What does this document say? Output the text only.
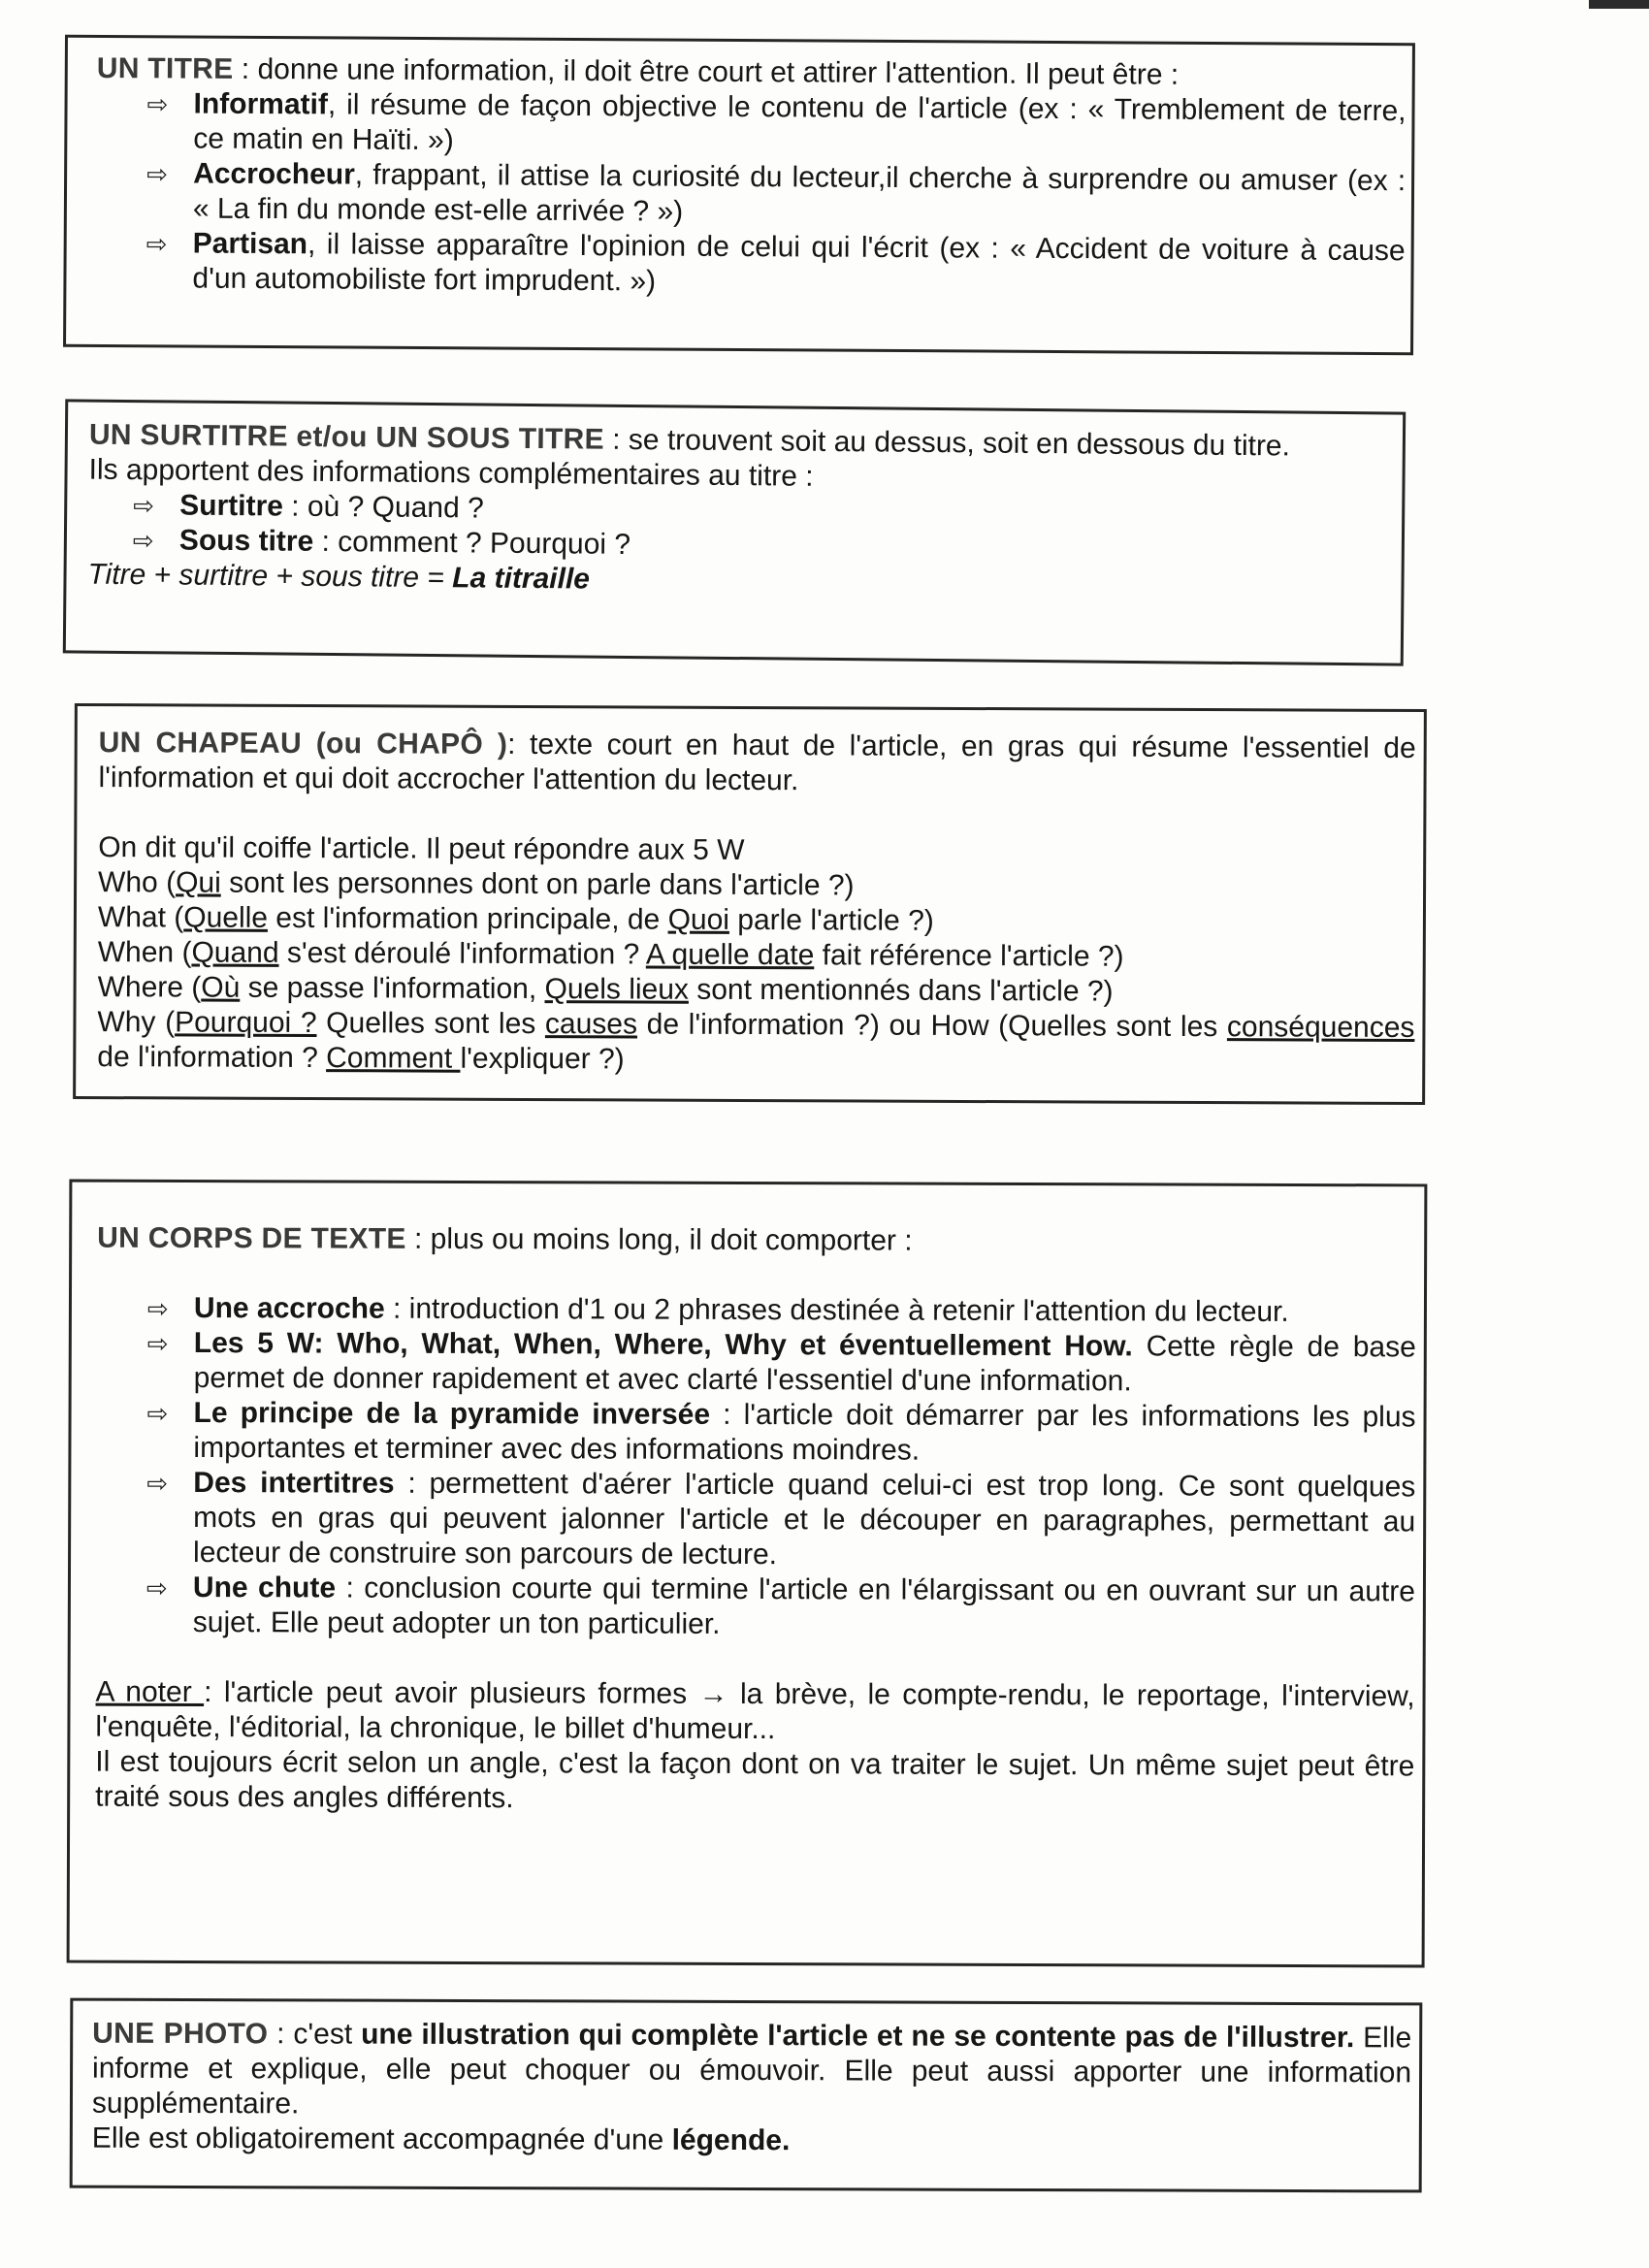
UN TITRE : donne une information, il doit être court et attirer l'attention. Il peut être :

⇨ Informatif, il résume de façon objective le contenu de l'article (ex : « Tremblement de terre, ce matin en Haïti. »)

⇨ Accrocheur, frappant, il attise la curiosité du lecteur,il cherche à surprendre ou amuser (ex : « La fin du monde est-elle arrivée ? »)

⇨ Partisan, il laisse apparaître l'opinion de celui qui l'écrit (ex : « Accident de voiture à cause d'un automobiliste fort imprudent. »)

UN SURTITRE et/ou UN SOUS TITRE : se trouvent soit au dessus, soit en dessous du titre.

Ils apportent des informations complémentaires au titre :

⇨ Surtitre : où ? Quand ?

⇨ Sous titre : comment ? Pourquoi ?

Titre + surtitre + sous titre = La titraille

UN CHAPEAU (ou CHAPÔ ): texte court en haut de l'article, en gras qui résume l'essentiel de l'information et qui doit accrocher l'attention du lecteur.

On dit qu'il coiffe l'article. Il peut répondre aux 5 W

Who (Qui sont les personnes dont on parle dans l'article ?)

What (Quelle est l'information principale, de Quoi parle l'article ?)

When (Quand s'est déroulé l'information ? A quelle date fait référence l'article ?)

Where (Où se passe l'information, Quels lieux sont mentionnés dans l'article ?)

Why (Pourquoi ? Quelles sont les causes de l'information ?) ou How (Quelles sont les conséquences de l'information ? Comment l'expliquer ?)

UN CORPS DE TEXTE : plus ou moins long, il doit comporter :

⇨ Une accroche : introduction d'1 ou 2 phrases destinée à retenir l'attention du lecteur.

⇨ Les 5 W: Who, What, When, Where, Why et éventuellement How. Cette règle de base permet de donner rapidement et avec clarté l'essentiel d'une information.

⇨ Le principe de la pyramide inversée : l'article doit démarrer par les informations les plus importantes et terminer avec des informations moindres.

⇨ Des intertitres : permettent d'aérer l'article quand celui-ci est trop long. Ce sont quelques mots en gras qui peuvent jalonner l'article et le découper en paragraphes, permettant au lecteur de construire son parcours de lecture.

⇨ Une chute : conclusion courte qui termine l'article en l'élargissant ou en ouvrant sur un autre sujet. Elle peut adopter un ton particulier.

A noter : l'article peut avoir plusieurs formes → la brève, le compte-rendu, le reportage, l'interview, l'enquête, l'éditorial, la chronique, le billet d'humeur...

Il est toujours écrit selon un angle, c'est la façon dont on va traiter le sujet. Un même sujet peut être traité sous des angles différents.

UNE PHOTO : c'est une illustration qui complète l'article et ne se contente pas de l'illustrer. Elle informe et explique, elle peut choquer ou émouvoir. Elle peut aussi apporter une information supplémentaire.

Elle est obligatoirement accompagnée d'une légende.
